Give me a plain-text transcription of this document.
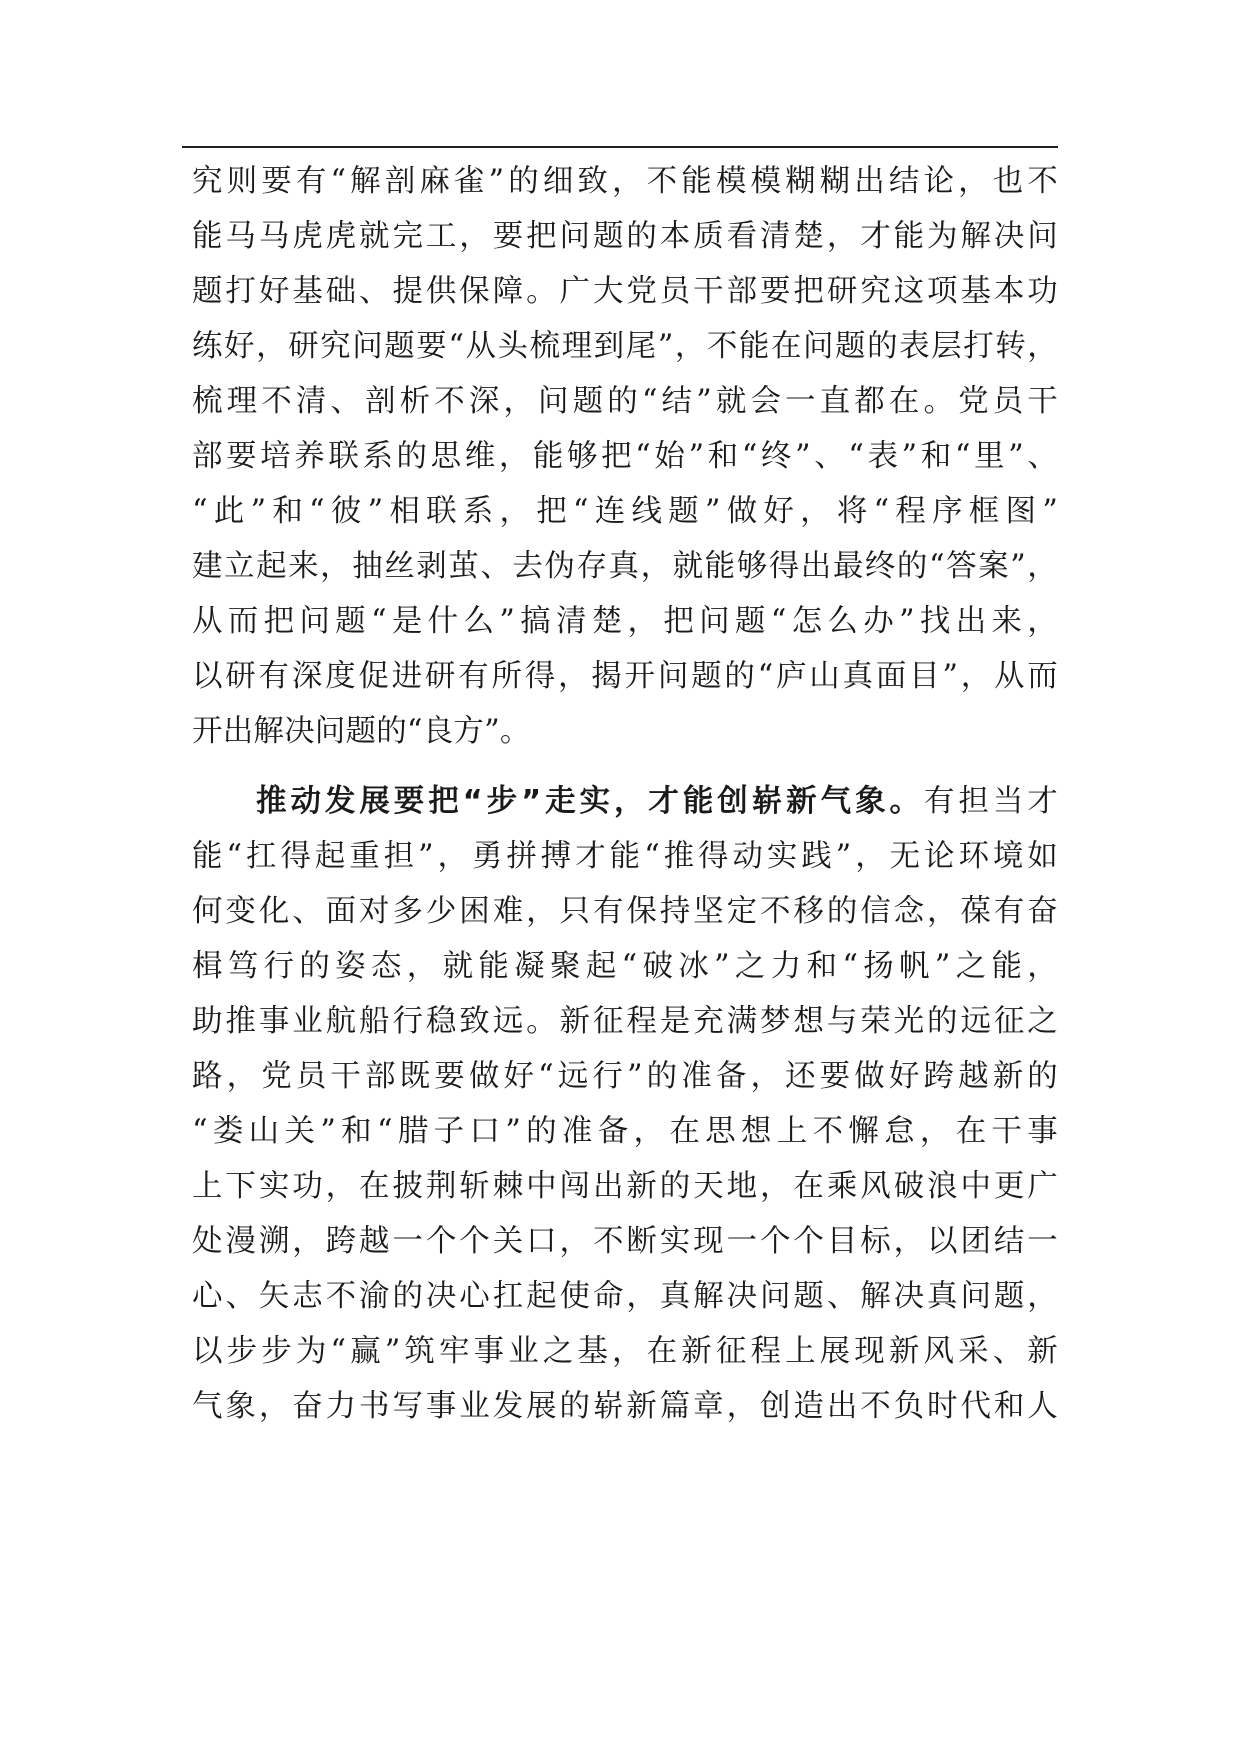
究则要有“解剖麻雀”的细致，不能模模糊糊出结论，也不
能马马虎虎就完工，要把问题的本质看清楚，才能为解决问
题打好基础、提供保障。广大党员干部要把研究这项基本功
练好，研究问题要“从头梳理到尾”，不能在问题的表层打转，
梳理不清、剖析不深，问题的“结”就会一直都在。党员干
部要培养联系的思维，能够把“始”和“终”、“表”和“里”、
“此”和“彼”相联系，把“连线题”做好，将“程序框图”
建立起来，抽丝剥茧、去伪存真，就能够得出最终的“答案”，
从而把问题“是什么”搞清楚，把问题“怎么办”找出来，
以研有深度促进研有所得，揭开问题的“庐山真面目”，从而
开出解决问题的“良方”。
推动发展要把“步”走实，才能创崭新气象。有担当才
能“扛得起重担”，勇拼搏才能“推得动实践”，无论环境如
何变化、面对多少困难，只有保持坚定不移的信念，葆有奋
楫笃行的姿态，就能凝聚起“破冰”之力和“扬帆”之能，
助推事业航船行稳致远。新征程是充满梦想与荣光的远征之
路，党员干部既要做好“远行”的准备，还要做好跨越新的
“娄山关”和“腊子口”的准备，在思想上不懈怠，在干事
上下实功，在披荆斩棘中闯出新的天地，在乘风破浪中更广
处漫溯，跨越一个个关口，不断实现一个个目标，以团结一
心、矢志不渝的决心扛起使命，真解决问题、解决真问题，
以步步为“赢”筑牢事业之基，在新征程上展现新风采、新
气象，奋力书写事业发展的崭新篇章，创造出不负时代和人
